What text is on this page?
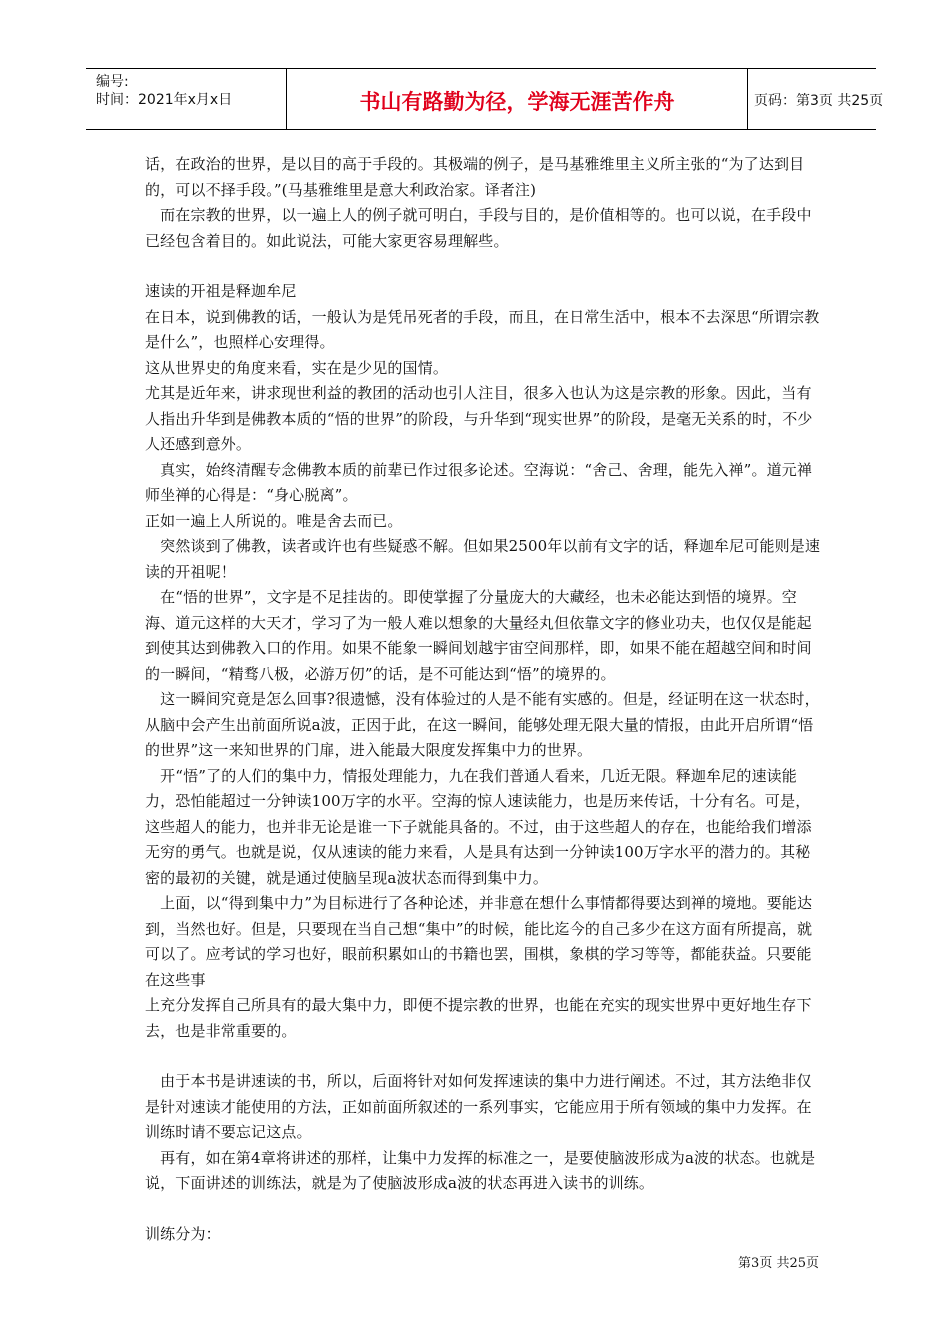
编号:
时间：2021年x月x日	书山有路勤为径，学海无涯苦作舟	页码：第3页 共25页

话，在政治的世界，是以目的高于手段的。其极端的例子，是马基雅维里主义所主张的“为了达到目的，可以不择手段。”(马基雅维里是意大利政治家。译者注)

　而在宗教的世界，以一遍上人的例子就可明白，手段与目的，是价值相等的。也可以说，在手段中已经包含着目的。如此说法，可能大家更容易理解些。

速读的开祖是释迦牟尼

在日本，说到佛教的话，一般认为是凭吊死者的手段，而且，在日常生活中，根本不去深思“所谓宗教是什么”，也照样心安理得。

这从世界史的角度来看，实在是少见的国情。

尤其是近年来，讲求现世利益的教团的活动也引人注目，很多入也认为这是宗教的形象。因此，当有人指出升华到是佛教本质的“悟的世界”的阶段，与升华到“现实世界”的阶段，是毫无关系的时，不少人还感到意外。

　真实，始终清醒专念佛教本质的前辈已作过很多论述。空海说：“舍己、舍理，能先入禅”。道元禅师坐禅的心得是：“身心脱离”。

正如一遍上人所说的。唯是舍去而已。

　突然谈到了佛教，读者或许也有些疑惑不解。但如果2500年以前有文字的话，释迦牟尼可能则是速读的开祖呢！

　在“悟的世界”，文字是不足挂齿的。即使掌握了分量庞大的大藏经，也未必能达到悟的境界。空海、道元这样的大天才，学习了为一般人难以想象的大量经丸但依靠文字的修业功夫，也仅仅是能起到使其达到佛教入口的作用。如果不能象一瞬间划越宇宙空间那样，即，如果不能在超越空间和时间的一瞬间，“精骛八极，必游万仞”的话，是不可能达到“悟”的境界的。

　这一瞬间究竟是怎么回事?很遗憾，没有体验过的人是不能有实感的。但是，经证明在这一状态时，从脑中会产生出前面所说a波，正因于此，在这一瞬间，能够处理无限大量的情报，由此开启所谓“悟的世界”这一来知世界的门扉，进入能最大限度发挥集中力的世界。

　开“悟”了的人们的集中力，情报处理能力，九在我们普通人看来，几近无限。释迦牟尼的速读能力，恐怕能超过一分钟读100万字的水平。空海的惊人速读能力，也是历来传话，十分有名。可是，这些超人的能力，也并非无论是谁一下子就能具备的。不过，由于这些超人的存在，也能给我们增添无穷的勇气。也就是说，仅从速读的能力来看，人是具有达到一分钟读100万字水平的潜力的。其秘密的最初的关键，就是通过使脑呈现a波状态而得到集中力。

　上面，以“得到集中力”为目标进行了各种论述，并非意在想什么事情都得要达到禅的境地。要能达到，当然也好。但是，只要现在当自己想“集中”的时候，能比迄今的自己多少在这方面有所提高，就可以了。应考试的学习也好，眼前积累如山的书籍也罢，围棋，象棋的学习等等，都能获益。只要能在这些事

上充分发挥自己所具有的最大集中力，即便不提宗教的世界，也能在充实的现实世界中更好地生存下去，也是非常重要的。

　由于本书是讲速读的书，所以，后面将针对如何发挥速读的集中力进行阐述。不过，其方法绝非仅是针对速读才能使用的方法，正如前面所叙述的一系列事实，它能应用于所有领域的集中力发挥。在训练时请不要忘记这点。

　再有，如在第4章将讲述的那样，让集中力发挥的标准之一，是要使脑波形成为a波的状态。也就是说，下面讲述的训练法，就是为了使脑波形成a波的状态再进入读书的训练。

训练分为：

第3页 共25页
